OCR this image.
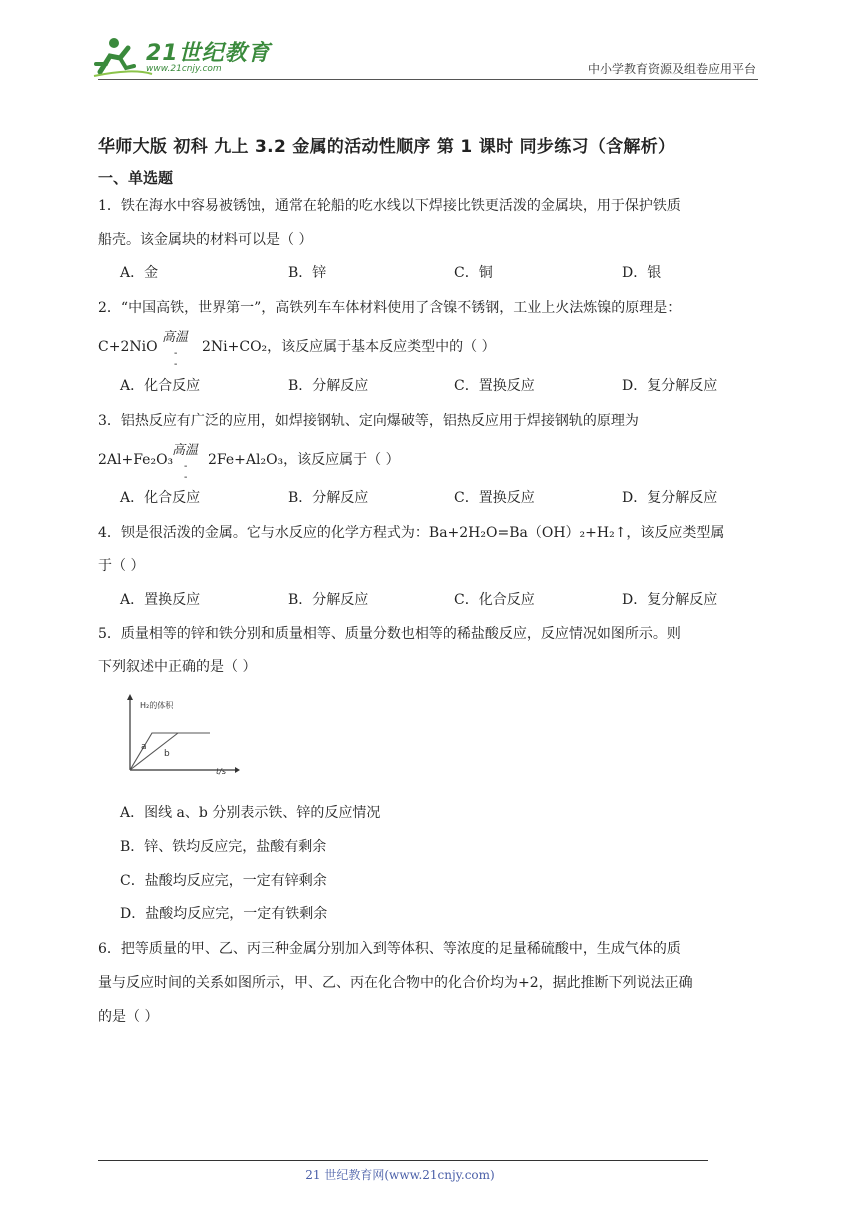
21世纪教育
www.21cnjy.com	中小学教育资源及组卷应用平台
华师大版 初科 九上 3.2 金属的活动性顺序 第 1 课时 同步练习（含解析）
一、单选题
1．铁在海水中容易被锈蚀，通常在轮船的吃水线以下焊接比铁更活泼的金属块，用于保护铁质
船壳。该金属块的材料可以是（ ）
A．金	B．锌	C．铜	D．银
2．“中国高铁，世界第一”，高铁列车车体材料使用了含镍不锈钢，工业上火法炼镍的原理是：
C+2NiO
高温
-
-
2Ni+CO₂，该反应属于基本反应类型中的（ ）
A．化合反应	B．分解反应	C．置换反应	D．复分解反应
3．铝热反应有广泛的应用，如焊接钢轨、定向爆破等，铝热反应用于焊接钢轨的原理为
2Al+Fe₂O₃
高温
-
-
2Fe+Al₂O₃，该反应属于（ ）
A．化合反应	B．分解反应	C．置换反应	D．复分解反应
4．钡是很活泼的金属。它与水反应的化学方程式为：Ba+2H₂O=Ba（OH）₂+H₂↑，该反应类型属
于（ ）
A．置换反应	B．分解反应	C．化合反应	D．复分解反应
5．质量相等的锌和铁分别和质量相等、质量分数也相等的稀盐酸反应，反应情况如图所示。则
下列叙述中正确的是（ ）
H₂的体积
t/s
a
b
A．图线 a、b 分别表示铁、锌的反应情况
B．锌、铁均反应完，盐酸有剩余
C．盐酸均反应完，一定有锌剩余
D．盐酸均反应完，一定有铁剩余
6．把等质量的甲、乙、丙三种金属分别加入到等体积、等浓度的足量稀硫酸中，生成气体的质
量与反应时间的关系如图所示，甲、乙、丙在化合物中的化合价均为+2，据此推断下列说法正确
的是（ ）
21 世纪教育网(www.21cnjy.com)
